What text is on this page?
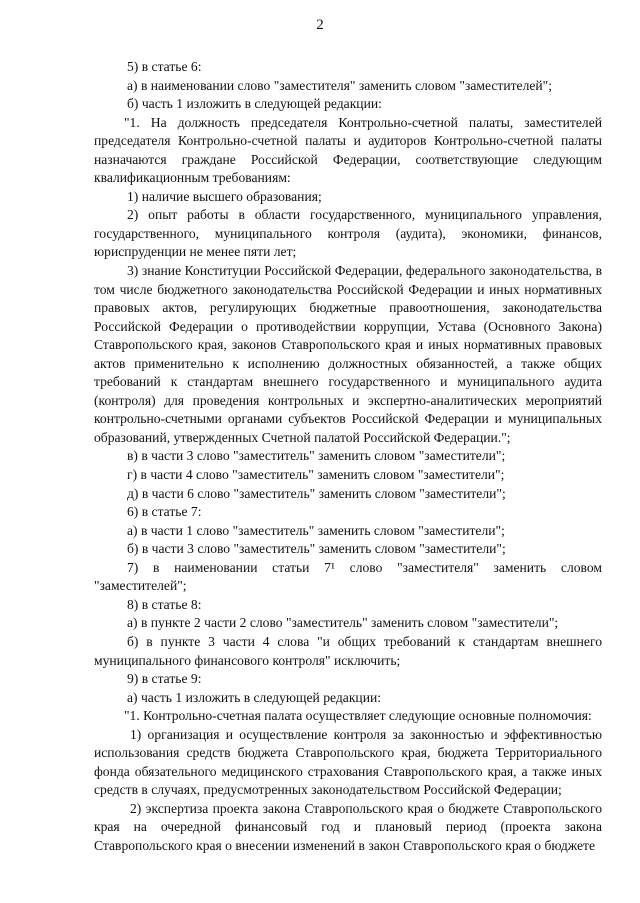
2

5) в статье 6:

а) в наименовании слово "заместителя" заменить словом "заместителей";

б) часть 1 изложить в следующей редакции:

"1. На должность председателя Контрольно-счетной палаты, заместителей председателя Контрольно-счетной палаты и аудиторов Контрольно-счетной палаты назначаются граждане Российской Федерации, соответствующие следующим квалификационным требованиям:

1) наличие высшего образования;

2) опыт работы в области государственного, муниципального управления, государственного, муниципального контроля (аудита), экономики, финансов, юриспруденции не менее пяти лет;

3) знание Конституции Российской Федерации, федерального законодательства, в том числе бюджетного законодательства Российской Федерации и иных нормативных правовых актов, регулирующих бюджетные правоотношения, законодательства Российской Федерации о противодействии коррупции, Устава (Основного Закона) Ставропольского края, законов Ставропольского края и иных нормативных правовых актов применительно к исполнению должностных обязанностей, а также общих требований к стандартам внешнего государственного и муниципального аудита (контроля) для проведения контрольных и экспертно-аналитических мероприятий контрольно-счетными органами субъектов Российской Федерации и муниципальных образований, утвержденных Счетной палатой Российской Федерации.";

в) в части 3 слово "заместитель" заменить словом "заместители";

г) в части 4 слово "заместитель" заменить словом "заместители";

д) в части 6 слово "заместитель" заменить словом "заместители";

6) в статье 7:

а) в части 1 слово "заместитель" заменить словом "заместители";

б) в части 3 слово "заместитель" заменить словом "заместители";

7) в наименовании статьи 7¹ слово "заместителя" заменить словом "заместителей";

8) в статье 8:

а) в пункте 2 части 2 слово "заместитель" заменить словом "заместители";

б) в пункте 3 части 4 слова "и общих требований к стандартам внешнего муниципального финансового контроля" исключить;

9) в статье 9:

а) часть 1 изложить в следующей редакции:

"1. Контрольно-счетная палата осуществляет следующие основные полномочия:

1) организация и осуществление контроля за законностью и эффективностью использования средств бюджета Ставропольского края, бюджета Территориального фонда обязательного медицинского страхования Ставропольского края, а также иных средств в случаях, предусмотренных законодательством Российской Федерации;

2) экспертиза проекта закона Ставропольского края о бюджете Ставропольского края на очередной финансовый год и плановый период (проекта закона Ставропольского края о внесении изменений в закон Ставропольского края о бюджете
